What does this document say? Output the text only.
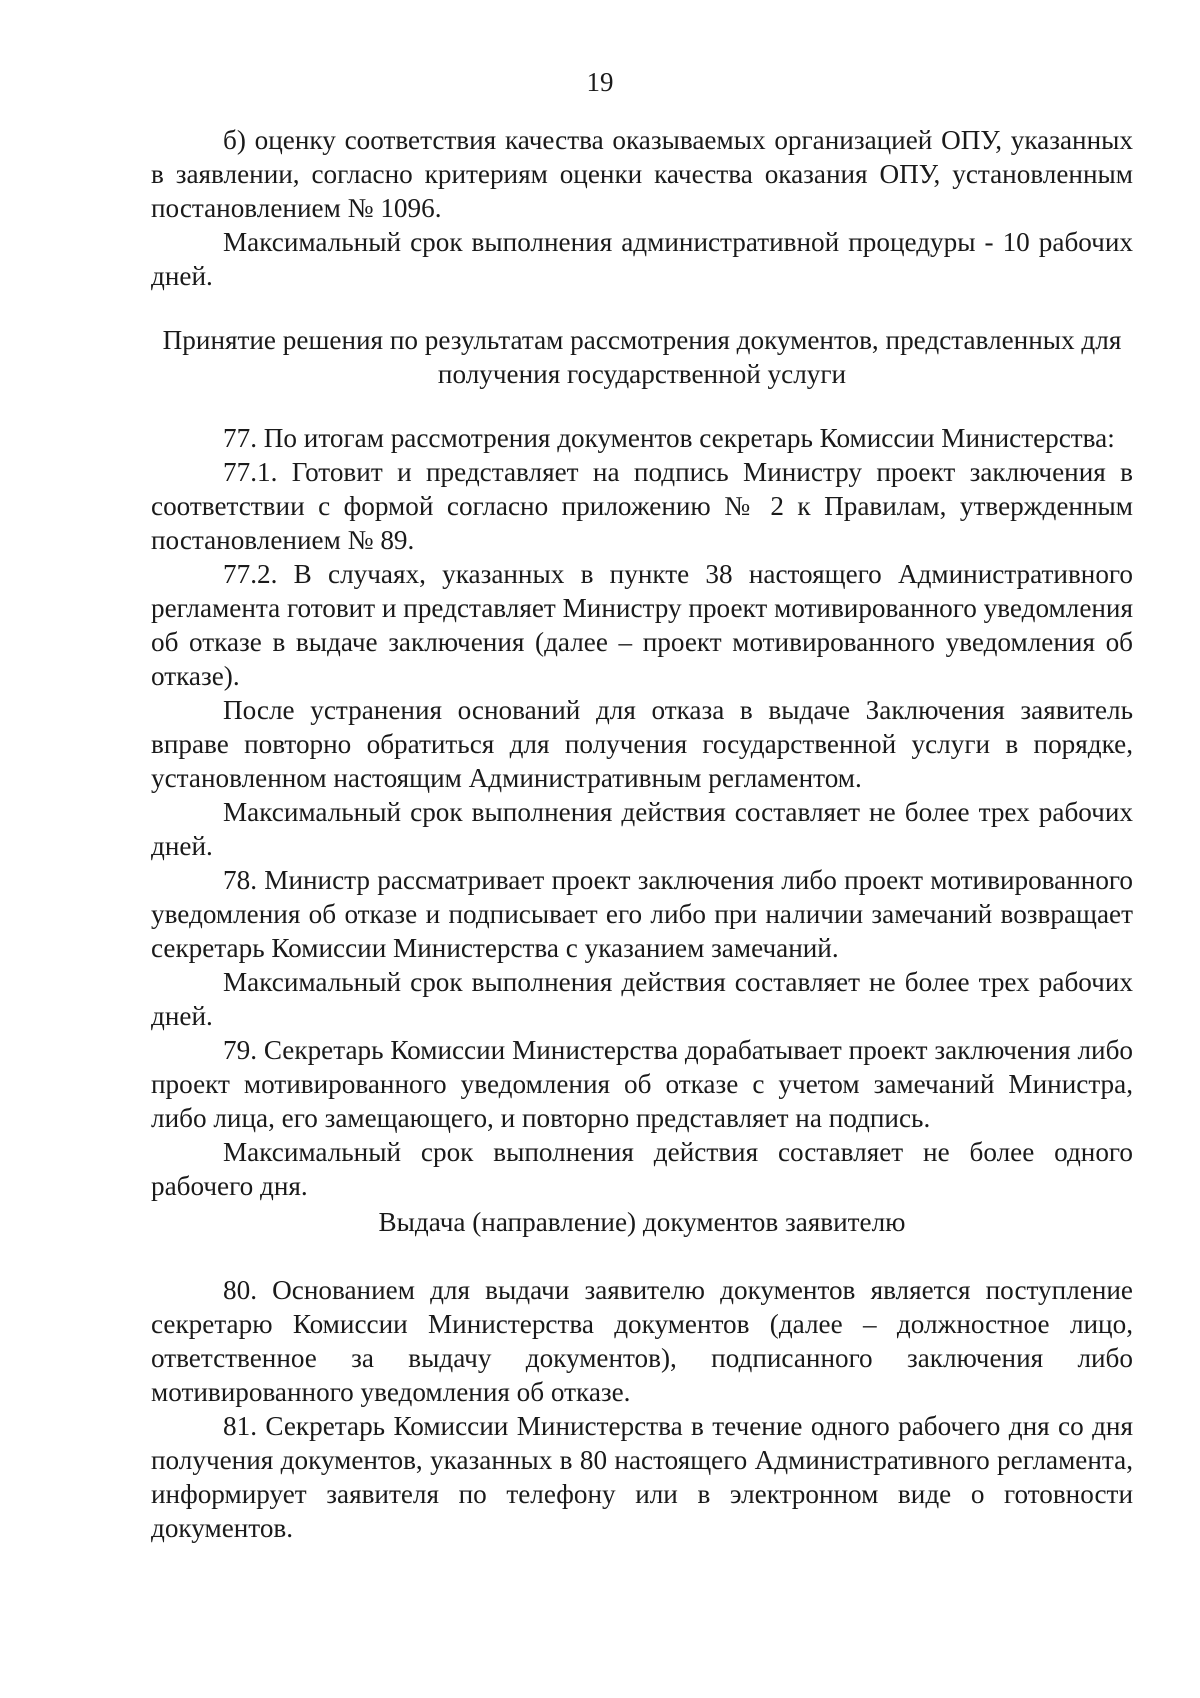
19

б) оценку соответствия качества оказываемых организацией ОПУ, указанных в заявлении, согласно критериям оценки качества оказания ОПУ, установленным постановлением № 1096.

Максимальный срок выполнения административной процедуры - 10 рабочих дней.

Принятие решения по результатам рассмотрения документов, представленных для получения государственной услуги

77. По итогам рассмотрения документов секретарь Комиссии Министерства:

77.1. Готовит и представляет на подпись Министру проект заключения в соответствии с формой согласно приложению № 2 к Правилам, утвержденным постановлением № 89.

77.2. В случаях, указанных в пункте 38 настоящего Административного регламента готовит и представляет Министру проект мотивированного уведомления об отказе в выдаче заключения (далее – проект мотивированного уведомления об отказе).

После устранения оснований для отказа в выдаче Заключения заявитель вправе повторно обратиться для получения государственной услуги в порядке, установленном настоящим Административным регламентом.

Максимальный срок выполнения действия составляет не более трех рабочих дней.

78. Министр рассматривает проект заключения либо проект мотивированного уведомления об отказе и подписывает его либо при наличии замечаний возвращает секретарь Комиссии Министерства с указанием замечаний.

Максимальный срок выполнения действия составляет не более трех рабочих дней.

79. Секретарь Комиссии Министерства дорабатывает проект заключения либо проект мотивированного уведомления об отказе с учетом замечаний Министра, либо лица, его замещающего, и повторно представляет на подпись.

Максимальный срок выполнения действия составляет не более одного рабочего дня.

Выдача (направление) документов заявителю

80. Основанием для выдачи заявителю документов является поступление секретарю Комиссии Министерства документов (далее – должностное лицо, ответственное за выдачу документов), подписанного заключения либо мотивированного уведомления об отказе.

81. Секретарь Комиссии Министерства в течение одного рабочего дня со дня получения документов, указанных в 80 настоящего Административного регламента, информирует заявителя по телефону или в электронном виде о готовности документов.
